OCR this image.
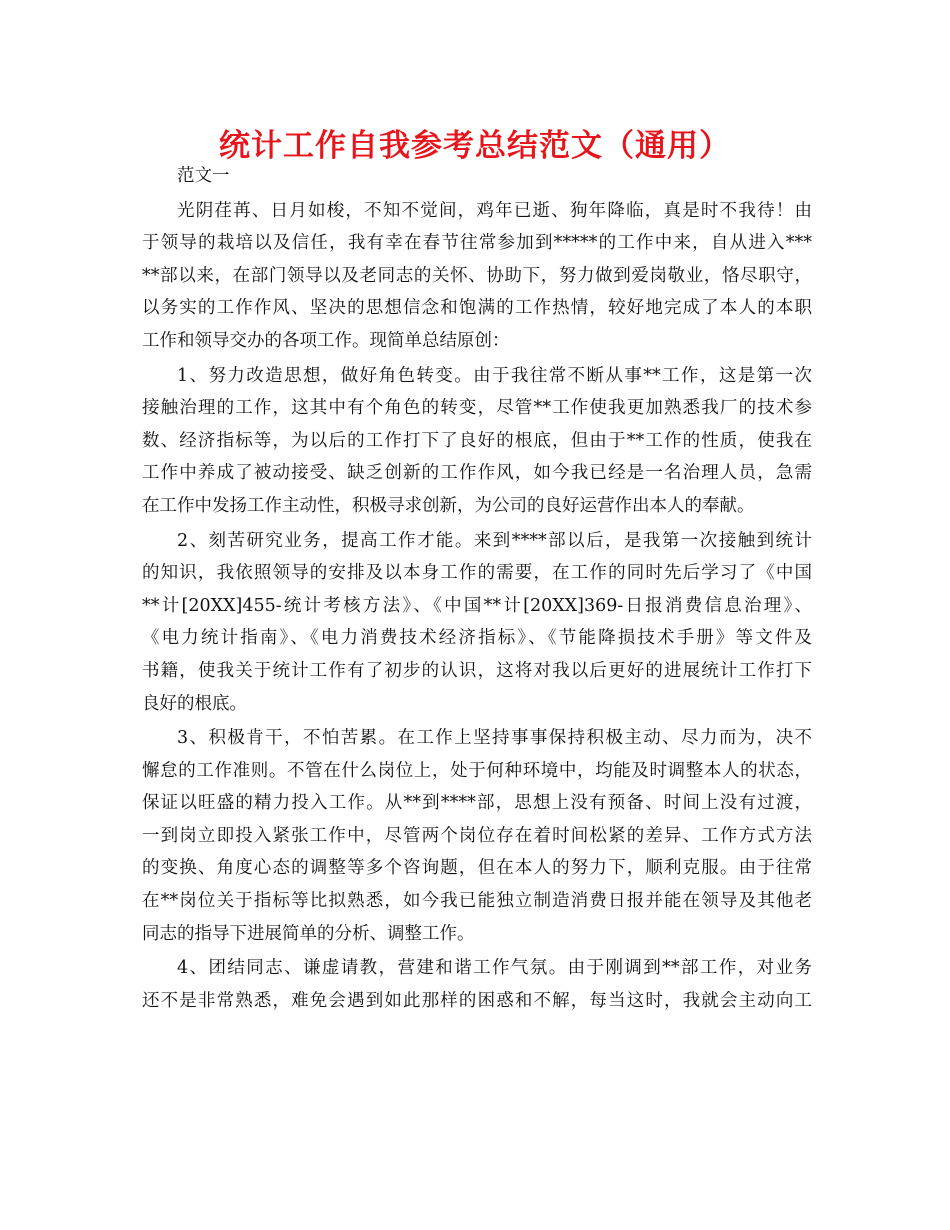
统计工作自我参考总结范文（通用）
范文一
光阴荏苒、日月如梭，不知不觉间，鸡年已逝、狗年降临，真是时不我待！由
于领导的栽培以及信任，我有幸在春节往常参加到*****的工作中来，自从进入***
**部以来，在部门领导以及老同志的关怀、协助下，努力做到爱岗敬业，恪尽职守，
以务实的工作作风、坚决的思想信念和饱满的工作热情，较好地完成了本人的本职
工作和领导交办的各项工作。现简单总结原创：
1、努力改造思想，做好角色转变。由于我往常不断从事**工作，这是第一次
接触治理的工作，这其中有个角色的转变，尽管**工作使我更加熟悉我厂的技术参
数、经济指标等，为以后的工作打下了良好的根底，但由于**工作的性质，使我在
工作中养成了被动接受、缺乏创新的工作作风，如今我已经是一名治理人员，急需
在工作中发扬工作主动性，积极寻求创新，为公司的良好运营作出本人的奉献。
2、刻苦研究业务，提高工作才能。来到****部以后，是我第一次接触到统计
的知识，我依照领导的安排及以本身工作的需要，在工作的同时先后学习了《中国
**计[20XX]455-统计考核方法》、《中国**计[20XX]369-日报消费信息治理》、
《电力统计指南》、《电力消费技术经济指标》、《节能降损技术手册》等文件及
书籍，使我关于统计工作有了初步的认识，这将对我以后更好的进展统计工作打下
良好的根底。
3、积极肯干，不怕苦累。在工作上坚持事事保持积极主动、尽力而为，决不
懈怠的工作准则。不管在什么岗位上，处于何种环境中，均能及时调整本人的状态，
保证以旺盛的精力投入工作。从**到****部，思想上没有预备、时间上没有过渡，
一到岗立即投入紧张工作中，尽管两个岗位存在着时间松紧的差异、工作方式方法
的变换、角度心态的调整等多个咨询题，但在本人的努力下，顺利克服。由于往常
在**岗位关于指标等比拟熟悉，如今我已能独立制造消费日报并能在领导及其他老
同志的指导下进展简单的分析、调整工作。
4、团结同志、谦虚请教，营建和谐工作气氛。由于刚调到**部工作，对业务
还不是非常熟悉，难免会遇到如此那样的困惑和不解，每当这时，我就会主动向工
